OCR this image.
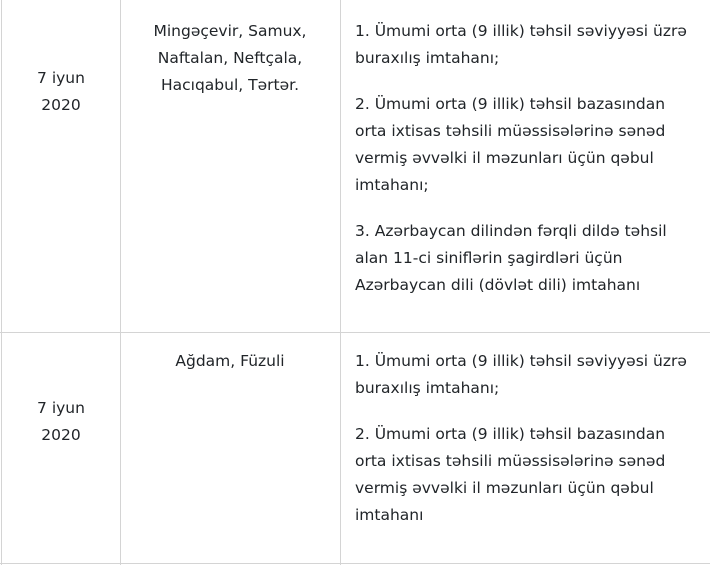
7 iyun
2020
Mingəçevir, Samux,
Naftalan, Neftçala,
Hacıqabul, Tərtər.

1. Ümumi orta (9 illik) təhsil səviyyəsi üzrə
buraxılış imtahanı;

2. Ümumi orta (9 illik) təhsil bazasından
orta ixtisas təhsili müəssisələrinə sənəd
vermiş əvvəlki il məzunları üçün qəbul
imtahanı;

3. Azərbaycan dilindən fərqli dildə təhsil
alan 11-ci siniflərin şagirdləri üçün
Azərbaycan dili (dövlət dili) imtahanı

7 iyun
2020
Ağdam, Füzuli	1. Ümumi orta (9 illik) təhsil səviyyəsi üzrə
buraxılış imtahanı;

2. Ümumi orta (9 illik) təhsil bazasından
orta ixtisas təhsili müəssisələrinə sənəd
vermiş əvvəlki il məzunları üçün qəbul
imtahanı
